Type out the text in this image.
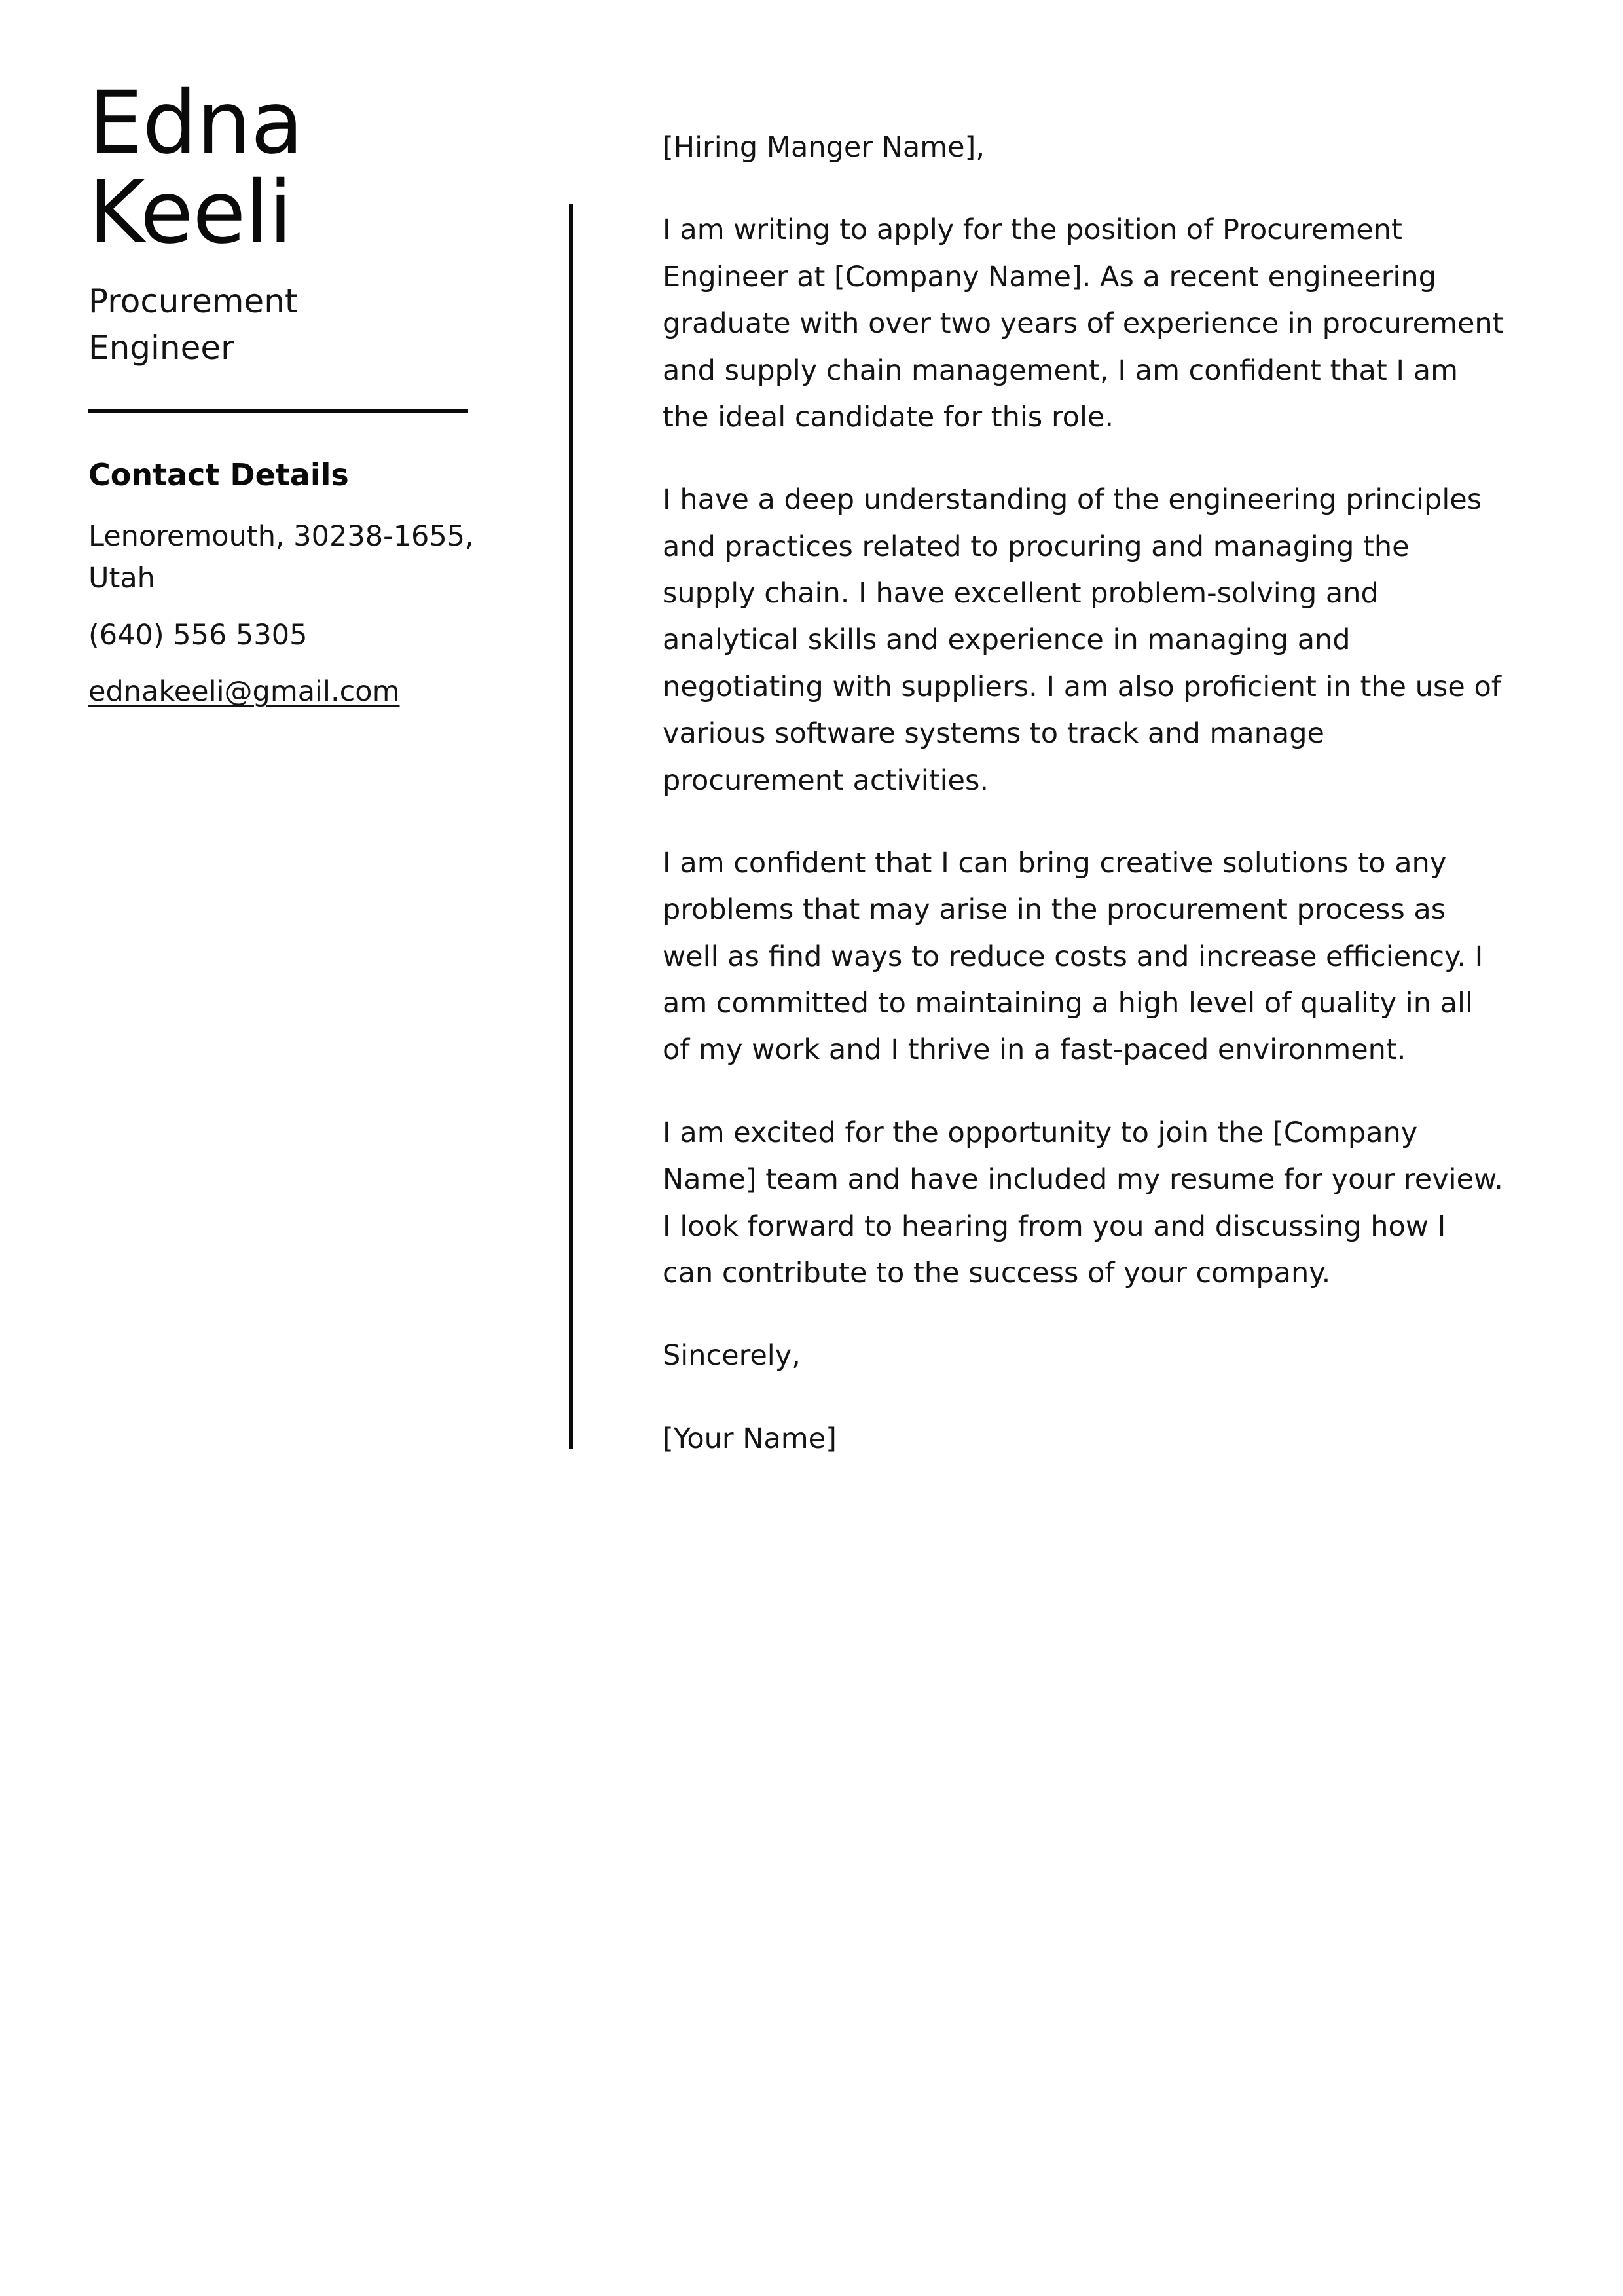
Edna
Keeli
Procurement
Engineer
Contact Details
Lenoremouth, 30238-1655, Utah
(640) 556 5305
ednakeeli@gmail.com

[Hiring Manger Name],

I am writing to apply for the position of Procurement Engineer at [Company Name]. As a recent engineering graduate with over two years of experience in procurement and supply chain management, I am confident that I am the ideal candidate for this role.

I have a deep understanding of the engineering principles and practices related to procuring and managing the supply chain. I have excellent problem-solving and analytical skills and experience in managing and negotiating with suppliers. I am also proficient in the use of various software systems to track and manage procurement activities.

I am confident that I can bring creative solutions to any problems that may arise in the procurement process as well as find ways to reduce costs and increase efficiency. I am committed to maintaining a high level of quality in all of my work and I thrive in a fast-paced environment.

I am excited for the opportunity to join the [Company Name] team and have included my resume for your review. I look forward to hearing from you and discussing how I can contribute to the success of your company.

Sincerely,

[Your Name]
